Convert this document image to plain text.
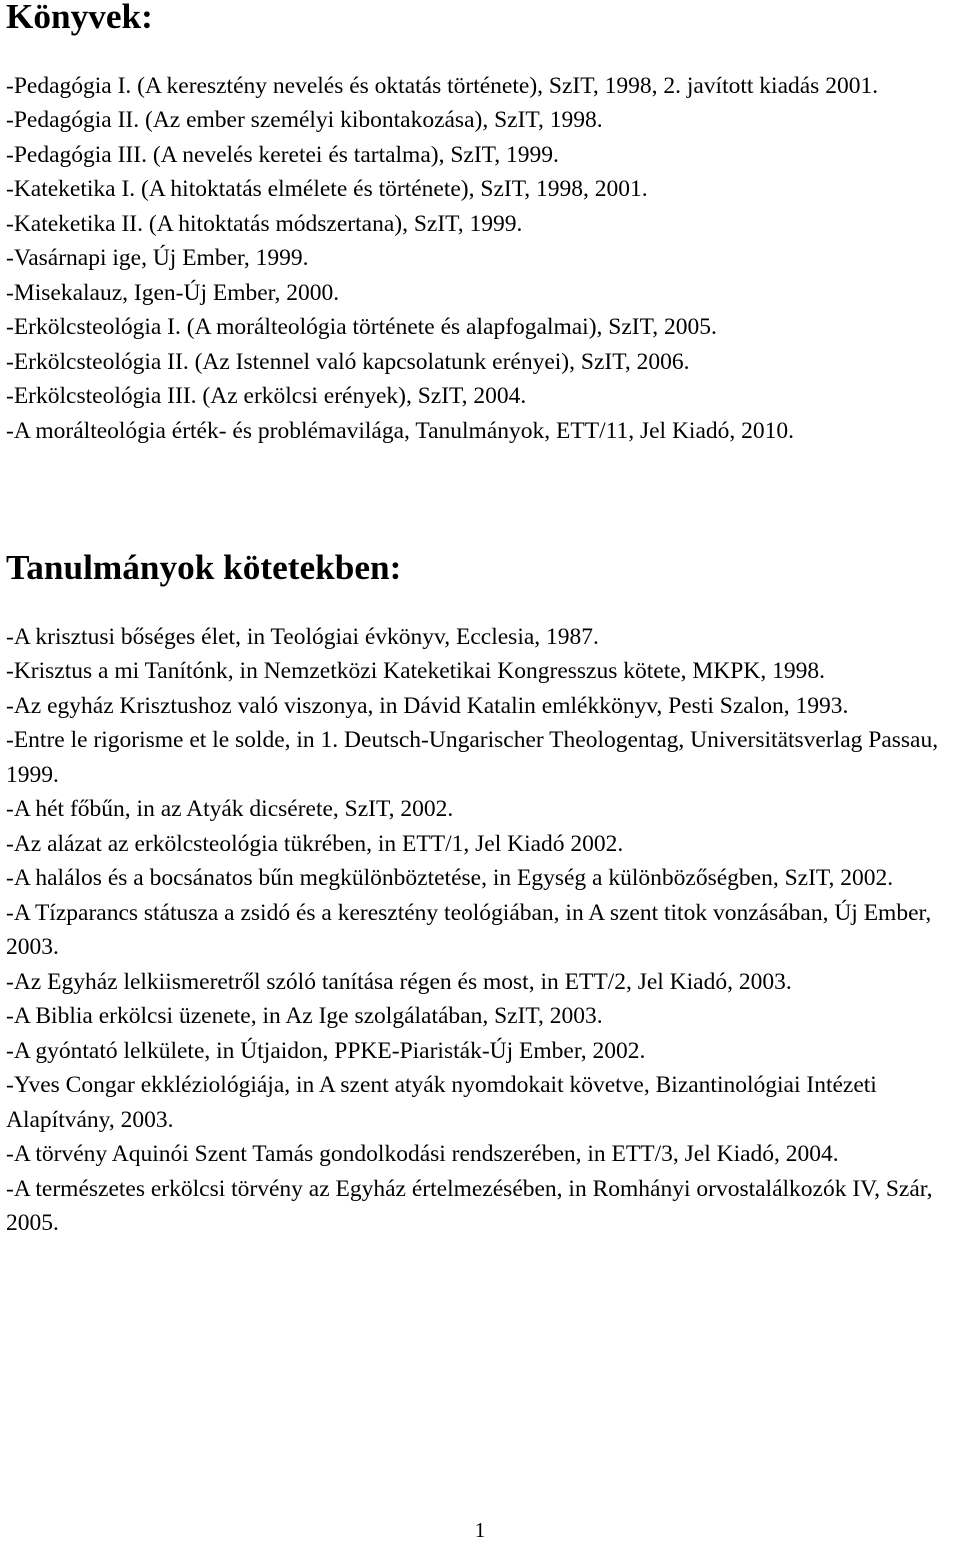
Könyvek:
-Pedagógia I. (A keresztény nevelés és oktatás története), SzIT, 1998, 2. javított kiadás 2001.
-Pedagógia II. (Az ember személyi kibontakozása), SzIT, 1998.
-Pedagógia III. (A nevelés keretei és tartalma), SzIT, 1999.
-Kateketika I. (A hitoktatás elmélete és története), SzIT, 1998, 2001.
-Kateketika II. (A hitoktatás módszertana), SzIT, 1999.
-Vasárnapi ige, Új Ember, 1999.
-Misekalauz, Igen-Új Ember, 2000.
-Erkölcsteológia I. (A morálteológia története és alapfogalmai), SzIT, 2005.
-Erkölcsteológia II. (Az Istennel való kapcsolatunk erényei), SzIT, 2006.
-Erkölcsteológia III. (Az erkölcsi erények), SzIT, 2004.
-A morálteológia érték- és problémavilága, Tanulmányok, ETT/11, Jel Kiadó, 2010.
Tanulmányok kötetekben:
-A krisztusi bőséges élet, in Teológiai évkönyv, Ecclesia, 1987.
-Krisztus a mi Tanítónk, in Nemzetközi Kateketikai Kongresszus kötete, MKPK, 1998.
-Az egyház Krisztushoz való viszonya, in Dávid Katalin emlékkönyv, Pesti Szalon, 1993.
-Entre le rigorisme et le solde, in 1. Deutsch-Ungarischer Theologentag, Universitätsverlag Passau, 1999.
-A hét főbűn, in az Atyák dicsérete, SzIT, 2002.
-Az alázat az erkölcsteológia tükrében, in ETT/1, Jel Kiadó 2002.
-A halálos és a bocsánatos bűn megkülönböztetése, in Egység a különbözőségben, SzIT, 2002.
-A Tízparancs státusza a zsidó és a keresztény teológiában, in A szent titok vonzásában, Új Ember, 2003.
-Az Egyház lelkiismeretről szóló tanítása régen és most, in ETT/2, Jel Kiadó, 2003.
-A Biblia erkölcsi üzenete, in Az Ige szolgálatában, SzIT, 2003.
-A gyóntató lelkülete, in Útjaidon, PPKE-Piaristák-Új Ember, 2002.
-Yves Congar ekkléziológiája, in A szent atyák nyomdokait követve, Bizantinológiai Intézeti Alapítvány, 2003.
-A törvény Aquinói Szent Tamás gondolkodási rendszerében, in ETT/3, Jel Kiadó, 2004.
-A természetes erkölcsi törvény az Egyház értelmezésében, in Romhányi orvostalálkozók IV, Szár, 2005.
1
